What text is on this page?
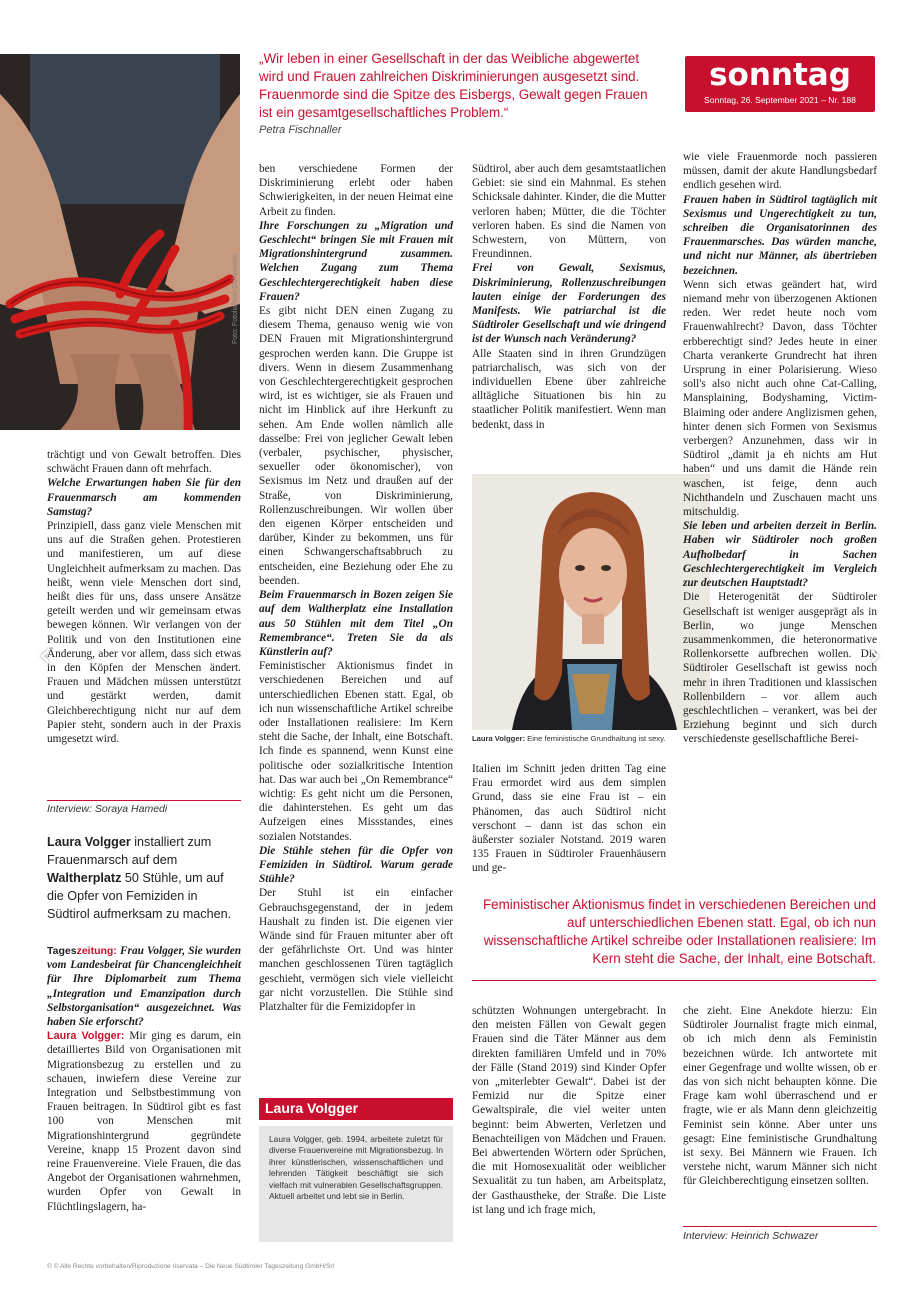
Foto: Fotolia/Ivan Dzhinovski
„Wir leben in einer Gesellschaft in der das Weibliche abgewertet wird und Frauen zahlreichen Diskriminierungen ausgesetzt sind. Frauenmorde sind die Spitze des Eisbergs, Gewalt gegen Frauen ist ein gesamtgesellschaftliches Problem.“
Petra Fischnaller
sonntag
Sonntag, 26. September 2021 – Nr. 188

trächtigt und von Gewalt betroffen. Dies schwächt Frauen dann oft mehrfach.

Welche Erwartungen haben Sie für den Frauenmarsch am kommenden Samstag?

Prinzipiell, dass ganz viele Menschen mit uns auf die Straßen gehen. Protestieren und manifestieren, um auf diese Ungleichheit aufmerksam zu machen. Das heißt, wenn viele Menschen dort sind, heißt dies für uns, dass unsere Ansätze geteilt werden und wir gemeinsam etwas bewegen können. Wir verlangen von der Politik und von den Institutionen eine Änderung, aber vor allem, dass sich etwas in den Köpfen der Menschen ändert. Frauen und Mädchen müssen unterstützt und gestärkt werden, damit Gleichberechtigung nicht nur auf dem Papier steht, sondern auch in der Praxis umgesetzt wird.

Interview: Soraya Hamedi
Laura Volgger installiert zum Frauenmarsch auf dem Waltherplatz 50 Stühle, um auf die Opfer von Femiziden in Südtirol aufmerksam zu machen.

Tageszeitung: Frau Volgger, Sie wurden vom Landesbeirat für Chancengleichheit für Ihre Diplomarbeit zum Thema „Integration und Emanzipation durch Selbstorganisation“ ausgezeichnet. Was haben Sie erforscht?

Laura Volgger: Mir ging es darum, ein detailliertes Bild von Organisationen mit Migrationsbezug zu erstellen und zu schauen, inwiefern diese Vereine zur Integration und Selbstbestimmung von Frauen beitragen. In Südtirol gibt es fast 100 von Menschen mit Migrationshintergrund gegründete Vereine, knapp 15 Prozent davon sind reine Frauenvereine. Viele Frauen, die das Angebot der Organisationen wahrnehmen, wurden Opfer von Gewalt in Flüchtlingslagern, ha-

ben verschiedene Formen der Diskriminierung erlebt oder haben Schwierigkeiten, in der neuen Heimat eine Arbeit zu finden.

Ihre Forschungen zu „Migration und Geschlecht“ bringen Sie mit Frauen mit Migrationshintergrund zusammen. Welchen Zugang zum Thema Geschlechtergerechtigkeit haben diese Frauen?

Es gibt nicht DEN einen Zugang zu diesem Thema, genauso wenig wie von DEN Frauen mit Migrationshintergrund gesprochen werden kann. Die Gruppe ist divers. Wenn in diesem Zusammenhang von Geschlechtergerechtigkeit gesprochen wird, ist es wichtiger, sie als Frauen und nicht im Hinblick auf ihre Herkunft zu sehen. Am Ende wollen nämlich alle dasselbe: Frei von jeglicher Gewalt leben (verbaler, psychischer, physischer, sexueller oder ökonomischer), von Sexismus im Netz und draußen auf der Straße, von Diskriminierung, Rollenzuschreibungen. Wir wollen über den eigenen Körper entscheiden und darüber, Kinder zu bekommen, uns für einen Schwangerschaftsabbruch zu entscheiden, eine Beziehung oder Ehe zu beenden.

Beim Frauenmarsch in Bozen zeigen Sie auf dem Waltherplatz eine Installation aus 50 Stühlen mit dem Titel „On Remembrance“. Treten Sie da als Künstlerin auf?

Feministischer Aktionismus findet in verschiedenen Bereichen und auf unterschiedlichen Ebenen statt. Egal, ob ich nun wissenschaftliche Artikel schreibe oder Installationen realisiere: Im Kern steht die Sache, der Inhalt, eine Botschaft. Ich finde es spannend, wenn Kunst eine politische oder sozialkritische Intention hat. Das war auch bei „On Remembrance“ wichtig: Es geht nicht um die Personen, die dahinterstehen. Es geht um das Aufzeigen eines Missstandes, eines sozialen Notstandes.

Die Stühle stehen für die Opfer von Femiziden in Südtirol. Warum gerade Stühle?

Der Stuhl ist ein einfacher Gebrauchsgegenstand, der in jedem Haushalt zu finden ist. Die eigenen vier Wände sind für Frauen mitunter aber oft der gefährlichste Ort. Und was hinter manchen geschlossenen Türen tagtäglich geschieht, vermögen sich viele vielleicht gar nicht vorzustellen. Die Stühle sind Platzhalter für die Femizidopfer in

Laura Volgger
Laura Volgger, geb. 1994, arbeitete zuletzt für diverse Frauenvereine mit Migrationsbezug. In ihrer künstlerischen, wissenschaftlichen und lehrenden Tätigkeit beschäftigt sie sich vielfach mit vulnerablen Gesellschaftsgruppen. Aktuell arbeitet und lebt sie in Berlin.

Südtirol, aber auch dem gesamtstaatlichen Gebiet: sie sind ein Mahnmal. Es stehen Schicksale dahinter. Kinder, die die Mutter verloren haben; Mütter, die die Töchter verloren haben. Es sind die Namen von Schwestern, von Müttern, von Freundinnen.

Frei von Gewalt, Sexismus, Diskriminierung, Rollenzuschreibungen lauten einige der Forderungen des Manifests. Wie patriarchal ist die Südtiroler Gesellschaft und wie dringend ist der Wunsch nach Veränderung?

Alle Staaten sind in ihren Grundzügen patriarchalisch, was sich von der individuellen Ebene über zahlreiche alltägliche Situationen bis hin zu staatlicher Politik manifestiert. Wenn man bedenkt, dass in

Laura Volgger: Eine feministische Grundhaltung ist sexy.

Italien im Schnitt jeden dritten Tag eine Frau ermordet wird aus dem simplen Grund, dass sie eine Frau ist – ein Phänomen, das auch Südtirol nicht verschont – dann ist das schon ein äußerster sozialer Notstand. 2019 waren 135 Frauen in Südtiroler Frauenhäusern und ge-

wie viele Frauenmorde noch passieren müssen, damit der akute Handlungsbedarf endlich gesehen wird.

Frauen haben in Südtirol tagtäglich mit Sexismus und Ungerechtigkeit zu tun, schreiben die Organisatorinnen des Frauenmarsches. Das würden manche, und nicht nur Männer, als übertrieben bezeichnen.

Wenn sich etwas geändert hat, wird niemand mehr von überzogenen Aktionen reden. Wer redet heute noch vom Frauenwahlrecht? Davon, dass Töchter erbberechtigt sind? Jedes heute in einer Charta verankerte Grundrecht hat ihren Ursprung in einer Polarisierung. Wieso soll's also nicht auch ohne Cat-Calling, Mansplaining, Bodyshaming, Victim-Blaiming oder andere Anglizismen gehen, hinter denen sich Formen von Sexismus verbergen? Anzunehmen, dass wir in Südtirol „damit ja eh nichts am Hut haben“ und uns damit die Hände rein waschen, ist feige, denn auch Nichthandeln und Zuschauen macht uns mitschuldig.

Sie leben und arbeiten derzeit in Berlin. Haben wir Südtiroler noch großen Aufholbedarf in Sachen Geschlechtergerechtigkeit im Vergleich zur deutschen Hauptstadt?

Die Heterogenität der Südtiroler Gesellschaft ist weniger ausgeprägt als in Berlin, wo junge Menschen zusammenkommen, die heteronormative Rollenkorsette aufbrechen wollen. Die Südtiroler Gesellschaft ist gewiss noch mehr in ihren Traditionen und klassischen Rollenbildern – vor allem auch geschlechtlichen – verankert, was bei der Erziehung beginnt und sich durch verschiedenste gesellschaftliche Berei-

Feministischer Aktionismus findet in verschiedenen Bereichen und auf unterschiedlichen Ebenen statt. Egal, ob ich nun wissenschaftliche Artikel schreibe oder Installationen realisiere: Im Kern steht die Sache, der Inhalt, eine Botschaft.

schützten Wohnungen untergebracht. In den meisten Fällen von Gewalt gegen Frauen sind die Täter Männer aus dem direkten familiären Umfeld und in 70% der Fälle (Stand 2019) sind Kinder Opfer von „miterlebter Gewalt“. Dabei ist der Femizid nur die Spitze einer Gewaltspirale, die viel weiter unten beginnt: beim Abwerten, Verletzen und Benachteiligen von Mädchen und Frauen. Bei abwertenden Wörtern oder Sprüchen, die mit Homosexualität oder weiblicher Sexualität zu tun haben, am Arbeitsplatz, der Gasthaustheke, der Straße. Die Liste ist lang und ich frage mich,

che zieht. Eine Anekdote hierzu: Ein Südtiroler Journalist fragte mich einmal, ob ich mich denn als Feministin bezeichnen würde. Ich antwortete mit einer Gegenfrage und wollte wissen, ob er das von sich nicht behaupten könne. Die Frage kam wohl überraschend und er fragte, wie er als Mann denn gleichzeitig Feminist sein könne. Aber unter uns gesagt: Eine feministische Grundhaltung ist sexy. Bei Männern wie Frauen. Ich verstehe nicht, warum Männer sich nicht für Gleichberechtigung einsetzen sollten.

Interview: Heinrich Schwazer
© © Alle Rechte vorbehalten/Riproduzione riservata – Die Neue Südtiroler Tageszeitung GmbH/Srl
‹	›
